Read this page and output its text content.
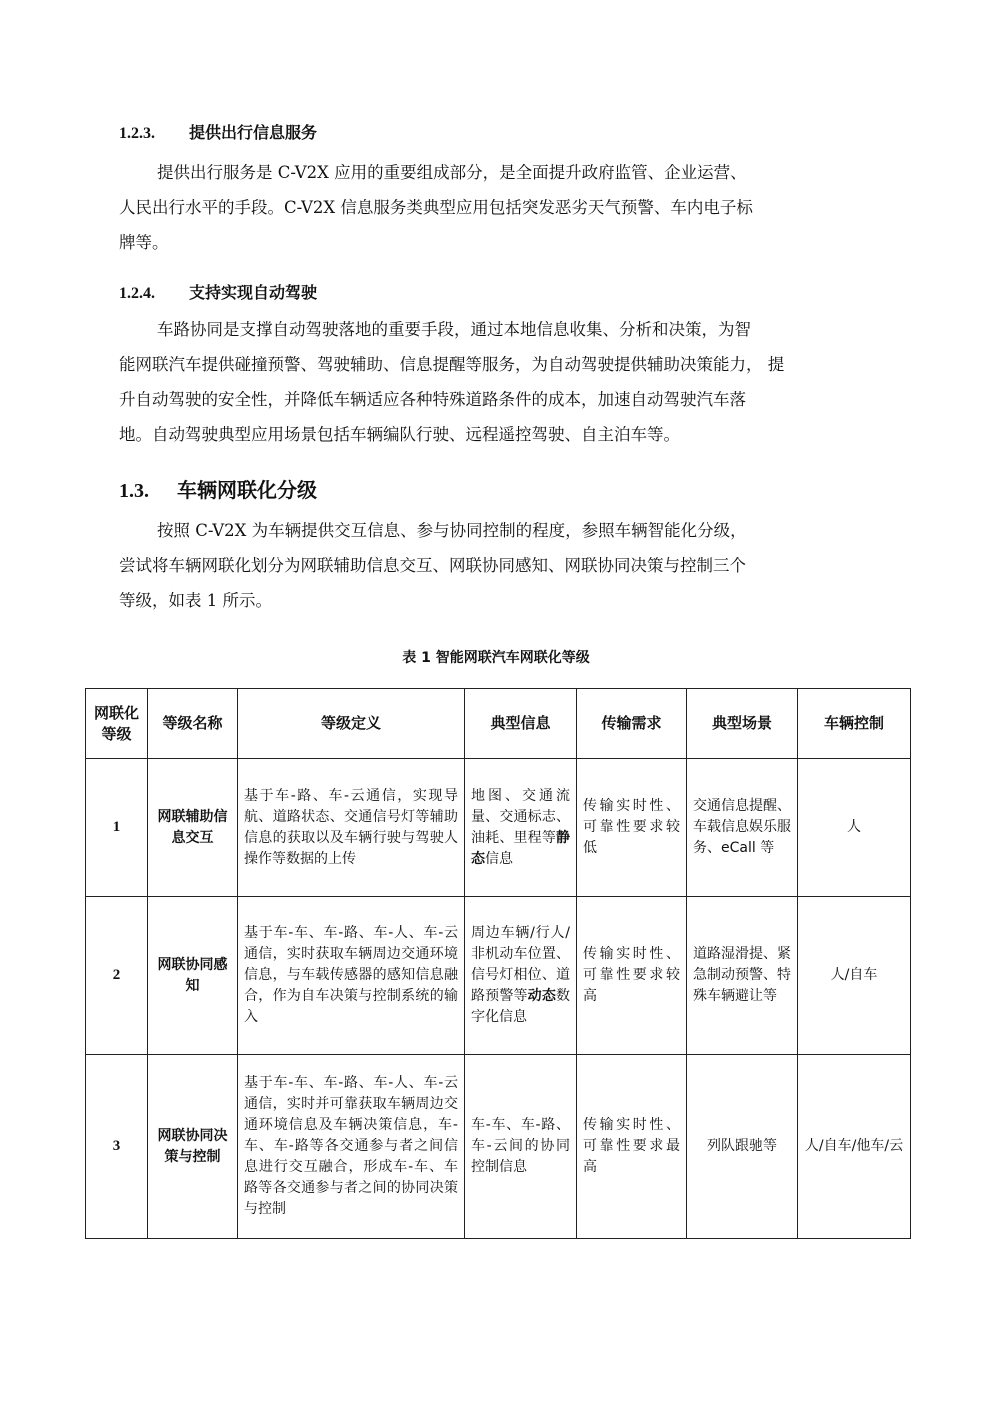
1.2.3. 提供出行信息服务
提供出行服务是 C-V2X 应用的重要组成部分，是全面提升政府监管、企业运营、
人民出行水平的手段。C-V2X 信息服务类典型应用包括突发恶劣天气预警、车内电子标
牌等。
1.2.4. 支持实现自动驾驶
车路协同是支撑自动驾驶落地的重要手段，通过本地信息收集、分析和决策，为智
能网联汽车提供碰撞预警、驾驶辅助、信息提醒等服务，为自动驾驶提供辅助决策能力， 提
升自动驾驶的安全性，并降低车辆适应各种特殊道路条件的成本，加速自动驾驶汽车落
地。自动驾驶典型应用场景包括车辆编队行驶、远程遥控驾驶、自主泊车等。
1.3. 车辆网联化分级
按照 C-V2X 为车辆提供交互信息、参与协同控制的程度，参照车辆智能化分级，
尝试将车辆网联化划分为网联辅助信息交互、网联协同感知、网联协同决策与控制三个
等级，如表 1 所示。
表 1 智能网联汽车网联化等级
网联化等级	等级名称	等级定义	典型信息	传输需求	典型场景	车辆控制
1	网联辅助信息交互	基于车-路、车-云通信，实现导航、道路状态、交通信号灯等辅助信息的获取以及车辆行驶与驾驶人操作等数据的上传	地图、交通流量、交通标志、油耗、里程等静态信息	传输实时性、可靠性要求较低	交通信息提醒、车载信息娱乐服务、eCall 等	人
2	网联协同感知	基于车-车、车-路、车-人、车-云通信，实时获取车辆周边交通环境信息，与车载传感器的感知信息融合，作为自车决策与控制系统的输入	周边车辆/行人/非机动车位置、信号灯相位、道路预警等动态数字化信息	传输实时性、可靠性要求较高	道路湿滑提、紧急制动预警、特殊车辆避让等	人/自车
3	网联协同决策与控制	基于车-车、车-路、车-人、车-云通信，实时并可靠获取车辆周边交通环境信息及车辆决策信息，车-车、车-路等各交通参与者之间信息进行交互融合，形成车-车、车路等各交通参与者之间的协同决策与控制	车-车、车-路、车-云间的协同控制信息	传输实时性、可靠性要求最高	列队跟驰等	人/自车/他车/云
